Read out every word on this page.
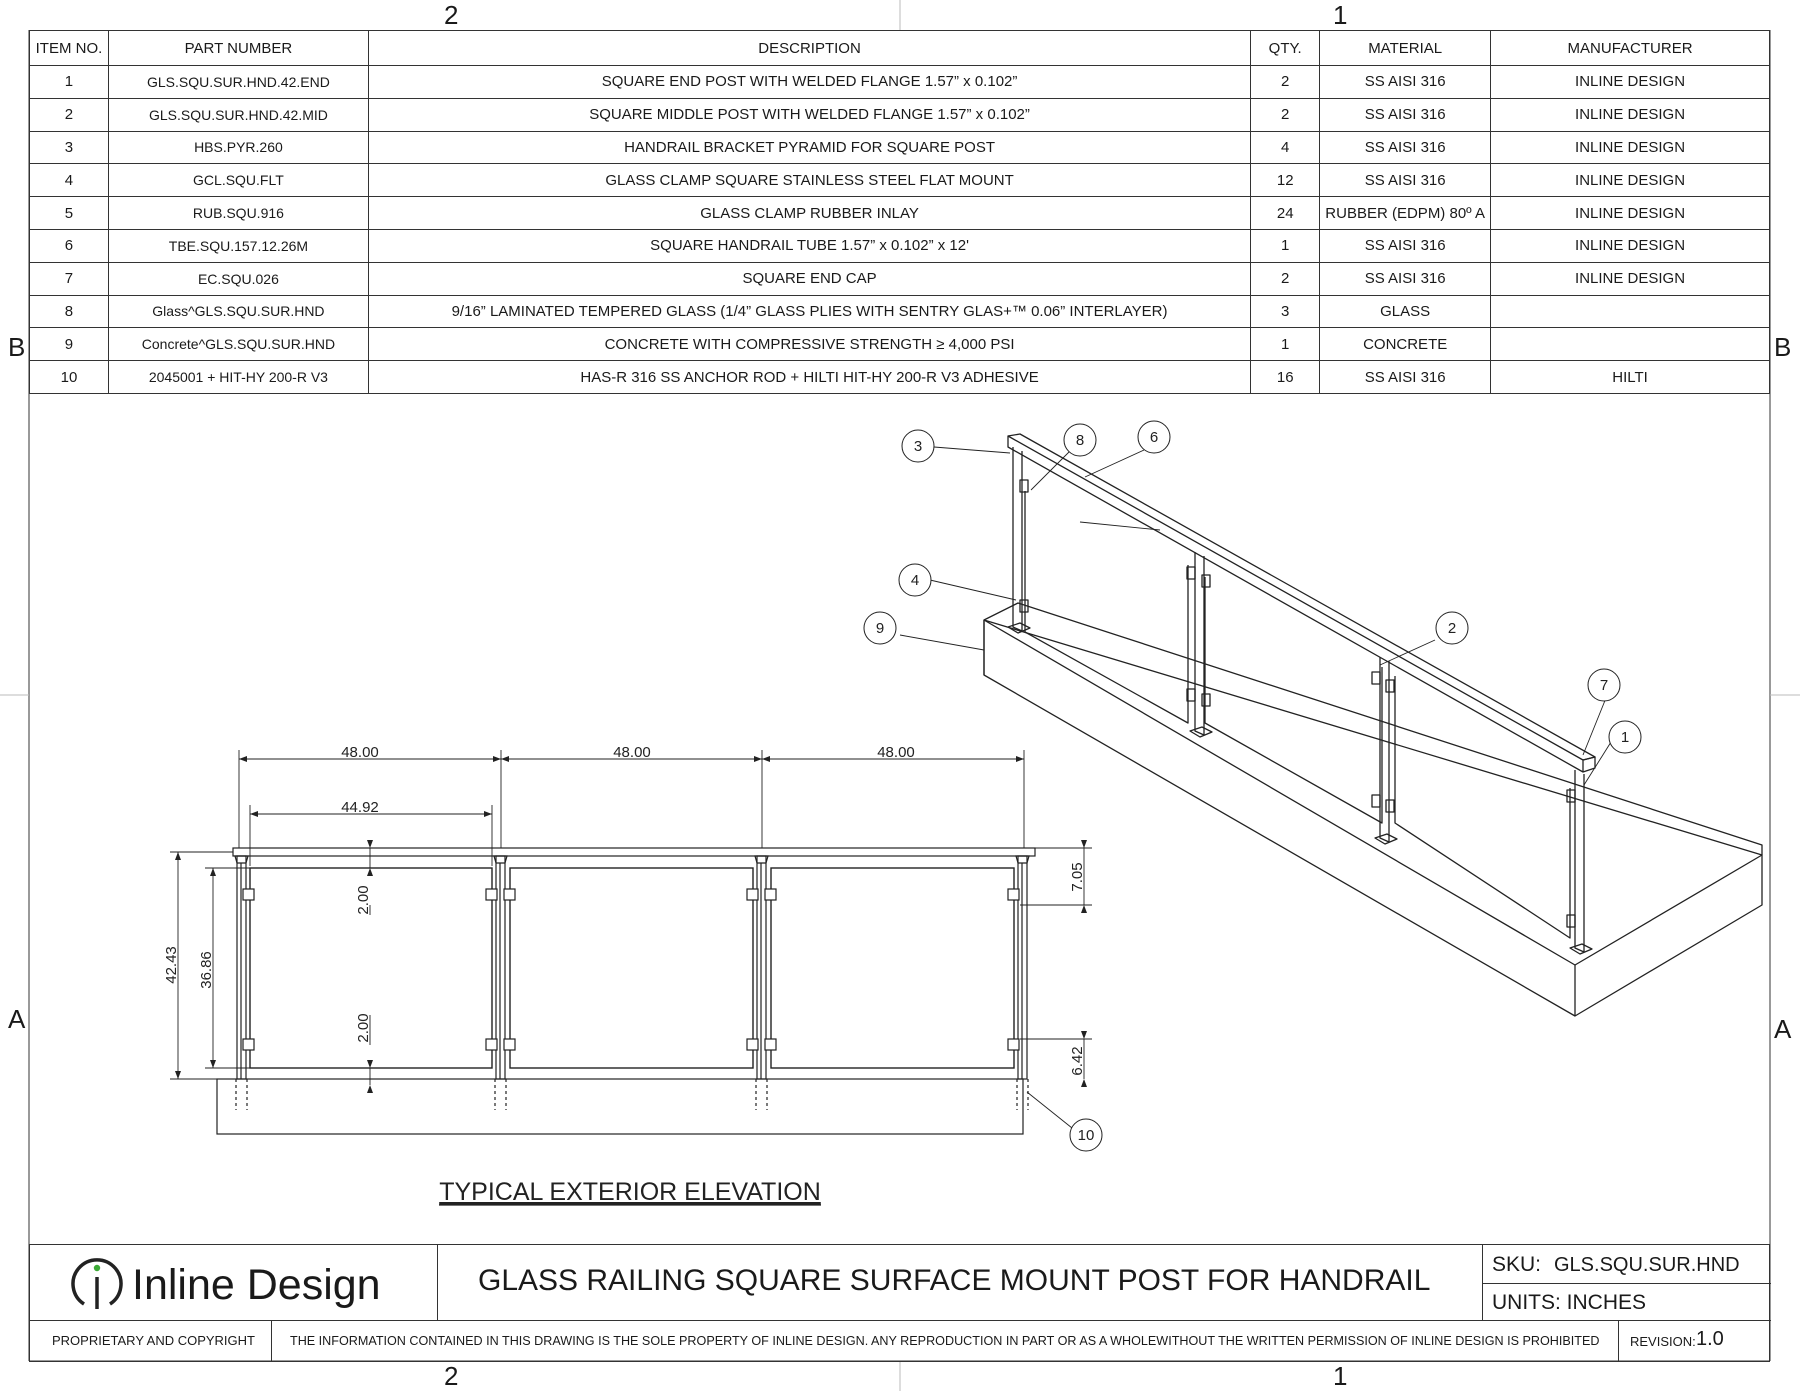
2	1
2	1
B
A
B
A
ITEM NO.	PART NUMBER	DESCRIPTION	QTY.	MATERIAL	MANUFACTURER
1	GLS.SQU.SUR.HND.42.END	SQUARE END POST WITH WELDED FLANGE 1.57” x 0.102”	2	SS AISI 316	INLINE DESIGN
2	GLS.SQU.SUR.HND.42.MID	SQUARE MIDDLE POST WITH WELDED FLANGE 1.57” x 0.102”	2	SS AISI 316	INLINE DESIGN
3	HBS.PYR.260	HANDRAIL BRACKET PYRAMID FOR SQUARE POST	4	SS AISI 316	INLINE DESIGN
4	GCL.SQU.FLT	GLASS CLAMP SQUARE STAINLESS STEEL FLAT MOUNT	12	SS AISI 316	INLINE DESIGN
5	RUB.SQU.916	GLASS CLAMP RUBBER INLAY	24	RUBBER (EDPM) 80º A	INLINE DESIGN
6	TBE.SQU.157.12.26M	SQUARE HANDRAIL TUBE 1.57” x 0.102” x 12'	1	SS AISI 316	INLINE DESIGN
7	EC.SQU.026	SQUARE END CAP	2	SS AISI 316	INLINE DESIGN
8	Glass^GLS.SQU.SUR.HND	9/16” LAMINATED TEMPERED GLASS (1/4” GLASS PLIES WITH SENTRY GLAS+™ 0.06” INTERLAYER)	3	GLASS	
9	Concrete^GLS.SQU.SUR.HND	CONCRETE WITH COMPRESSIVE STRENGTH ≥ 4,000 PSI	1	CONCRETE	
10	2045001 + HIT-HY 200-R V3	HAS-R 316 SS ANCHOR ROD + HILTI HIT-HY 200-R V3 ADHESIVE	16	SS AISI 316	HILTI
48.00	48.00	48.00
44.92
42.43 36.86
2.00
2.00
7.05
6.42
3	8	6
4
9	2
7
1
10
TYPICAL EXTERIOR ELEVATION
Inline Design	GLASS RAILING SQUARE SURFACE MOUNT POST FOR HANDRAIL	SKU: GLS.SQU.SUR.HND
UNITS: INCHES
PROPRIETARY AND COPYRIGHT	THE INFORMATION CONTAINED IN THIS DRAWING IS THE SOLE PROPERTY OF INLINE DESIGN. ANY REPRODUCTION IN PART OR AS A WHOLEWITHOUT THE WRITTEN PERMISSION OF INLINE DESIGN IS PROHIBITED REVISION: 1.0
